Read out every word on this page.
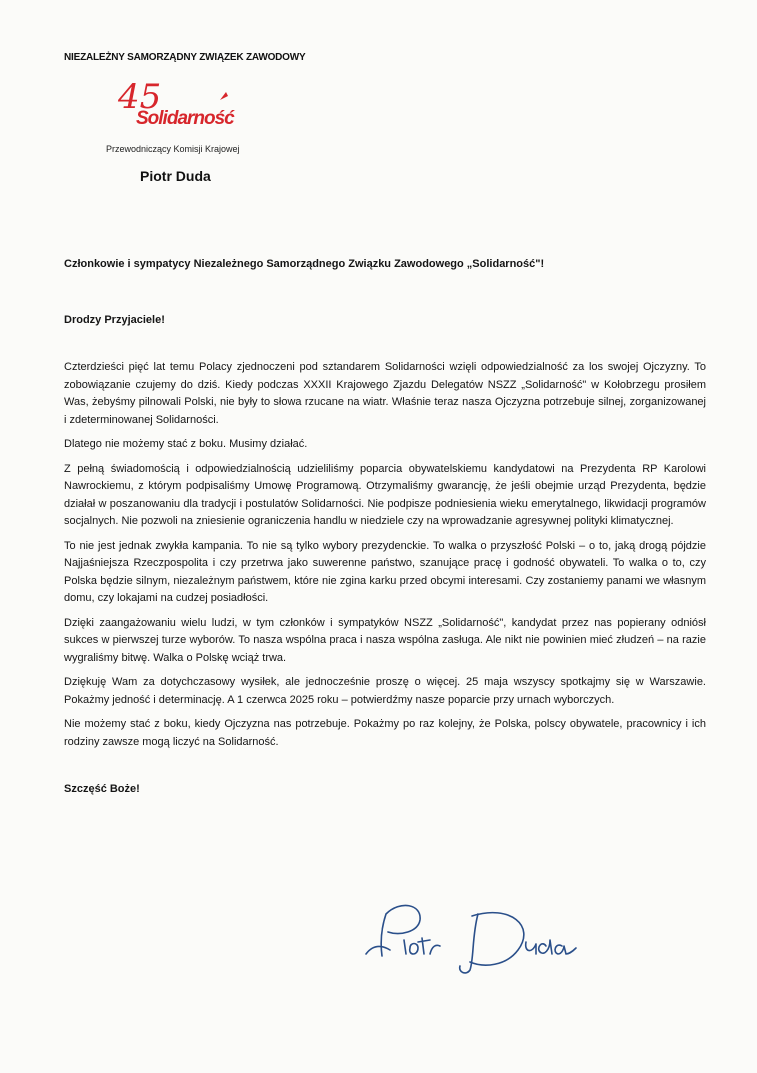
NIEZALEŻNY SAMORZĄDNY ZWIĄZEK ZAWODOWY
45
Solidarność
Przewodniczący Komisji Krajowej
Piotr Duda

Członkowie i sympatycy Niezależnego Samorządnego Związku Zawodowego „Solidarność"!

Drodzy Przyjaciele!

Czterdzieści pięć lat temu Polacy zjednoczeni pod sztandarem Solidarności wzięli odpowiedzialność za los swojej Ojczyzny. To zobowiązanie czujemy do dziś. Kiedy podczas XXXII Krajowego Zjazdu Delegatów NSZZ „Solidarność" w Kołobrzegu prosiłem Was, żebyśmy pilnowali Polski, nie były to słowa rzucane na wiatr. Właśnie teraz nasza Ojczyzna potrzebuje silnej, zorganizowanej i zdeterminowanej Solidarności.

Dlatego nie możemy stać z boku. Musimy działać.

Z pełną świadomością i odpowiedzialnością udzieliliśmy poparcia obywatelskiemu kandydatowi na Prezydenta RP Karolowi Nawrockiemu, z którym podpisaliśmy Umowę Programową. Otrzymaliśmy gwarancję, że jeśli obejmie urząd Prezydenta, będzie działał w poszanowaniu dla tradycji i postulatów Solidarności. Nie podpisze podniesienia wieku emerytalnego, likwidacji programów socjalnych. Nie pozwoli na zniesienie ograniczenia handlu w niedziele czy na wprowadzanie agresywnej polityki klimatycznej.

To nie jest jednak zwykła kampania. To nie są tylko wybory prezydenckie. To walka o przyszłość Polski – o to, jaką drogą pójdzie Najjaśniejsza Rzeczpospolita i czy przetrwa jako suwerenne państwo, szanujące pracę i godność obywateli. To walka o to, czy Polska będzie silnym, niezależnym państwem, które nie zgina karku przed obcymi interesami. Czy zostaniemy panami we własnym domu, czy lokajami na cudzej posiadłości.

Dzięki zaangażowaniu wielu ludzi, w tym członków i sympatyków NSZZ „Solidarność", kandydat przez nas popierany odniósł sukces w pierwszej turze wyborów. To nasza wspólna praca i nasza wspólna zasługa. Ale nikt nie powinien mieć złudzeń – na razie wygraliśmy bitwę. Walka o Polskę wciąż trwa.

Dziękuję Wam za dotychczasowy wysiłek, ale jednocześnie proszę o więcej. 25 maja wszyscy spotkajmy się w Warszawie. Pokażmy jedność i determinację. A 1 czerwca 2025 roku – potwierdźmy nasze poparcie przy urnach wyborczych.

Nie możemy stać z boku, kiedy Ojczyzna nas potrzebuje. Pokażmy po raz kolejny, że Polska, polscy obywatele, pracownicy i ich rodziny zawsze mogą liczyć na Solidarność.

Szczęść Boże!
